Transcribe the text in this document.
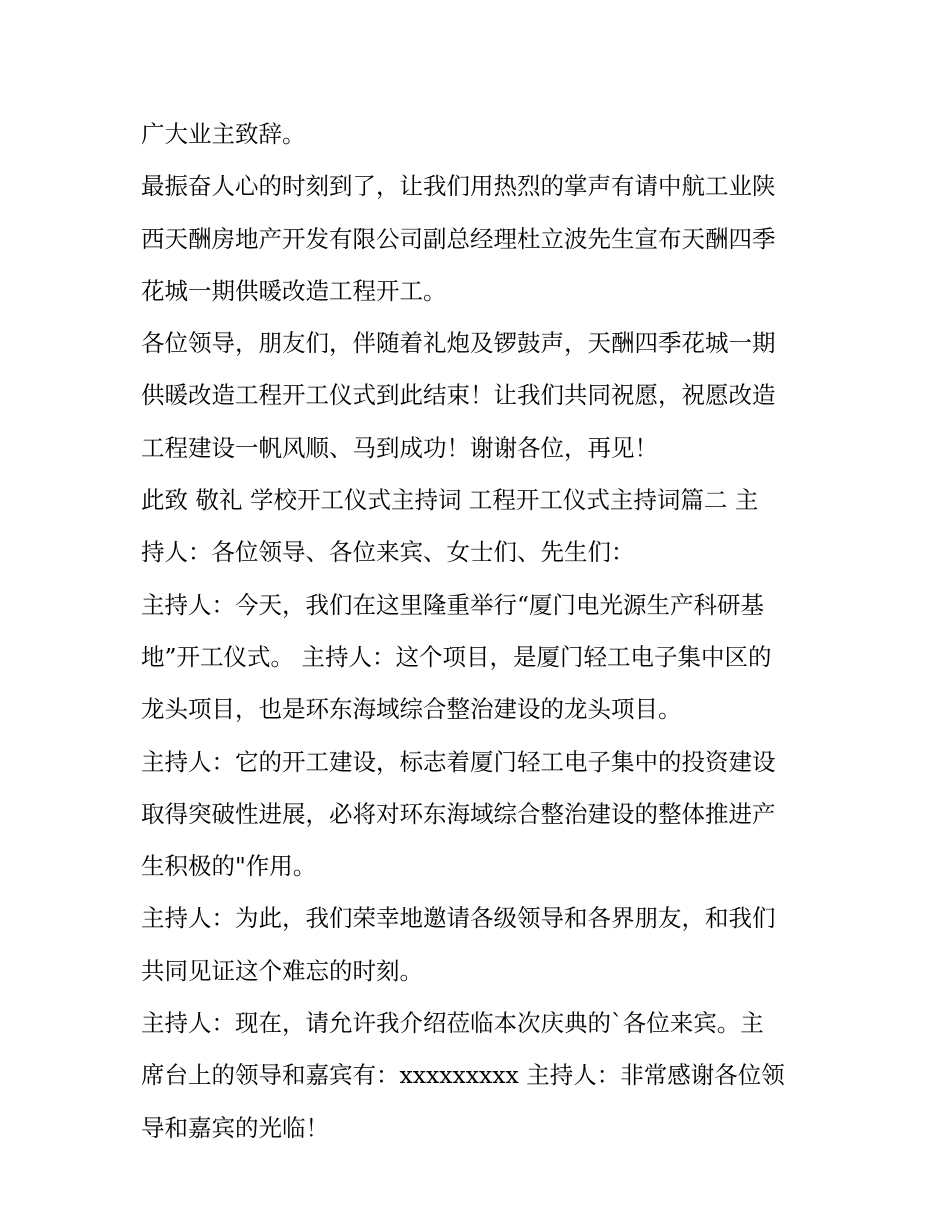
广大业主致辞。
最振奋人心的时刻到了，让我们用热烈的掌声有请中航工业陕
西天酬房地产开发有限公司副总经理杜立波先生宣布天酬四季
花城一期供暖改造工程开工。
各位领导，朋友们，伴随着礼炮及锣鼓声，天酬四季花城一期
供暖改造工程开工仪式到此结束！让我们共同祝愿，祝愿改造
工程建设一帆风顺、马到成功！谢谢各位，再见！
此致 敬礼 学校开工仪式主持词 工程开工仪式主持词篇二 主
持人：各位领导、各位来宾、女士们、先生们：
主持人：今天，我们在这里隆重举行“厦门电光源生产科研基
地”开工仪式。 主持人：这个项目，是厦门轻工电子集中区的
龙头项目，也是环东海域综合整治建设的龙头项目。
主持人：它的开工建设，标志着厦门轻工电子集中的投资建设
取得突破性进展，必将对环东海域综合整治建设的整体推进产
生积极的"作用。
主持人：为此，我们荣幸地邀请各级领导和各界朋友，和我们
共同见证这个难忘的时刻。
主持人：现在，请允许我介绍莅临本次庆典的`各位来宾。主
席台上的领导和嘉宾有：xxxxxxxxx 主持人：非常感谢各位领
导和嘉宾的光临！
